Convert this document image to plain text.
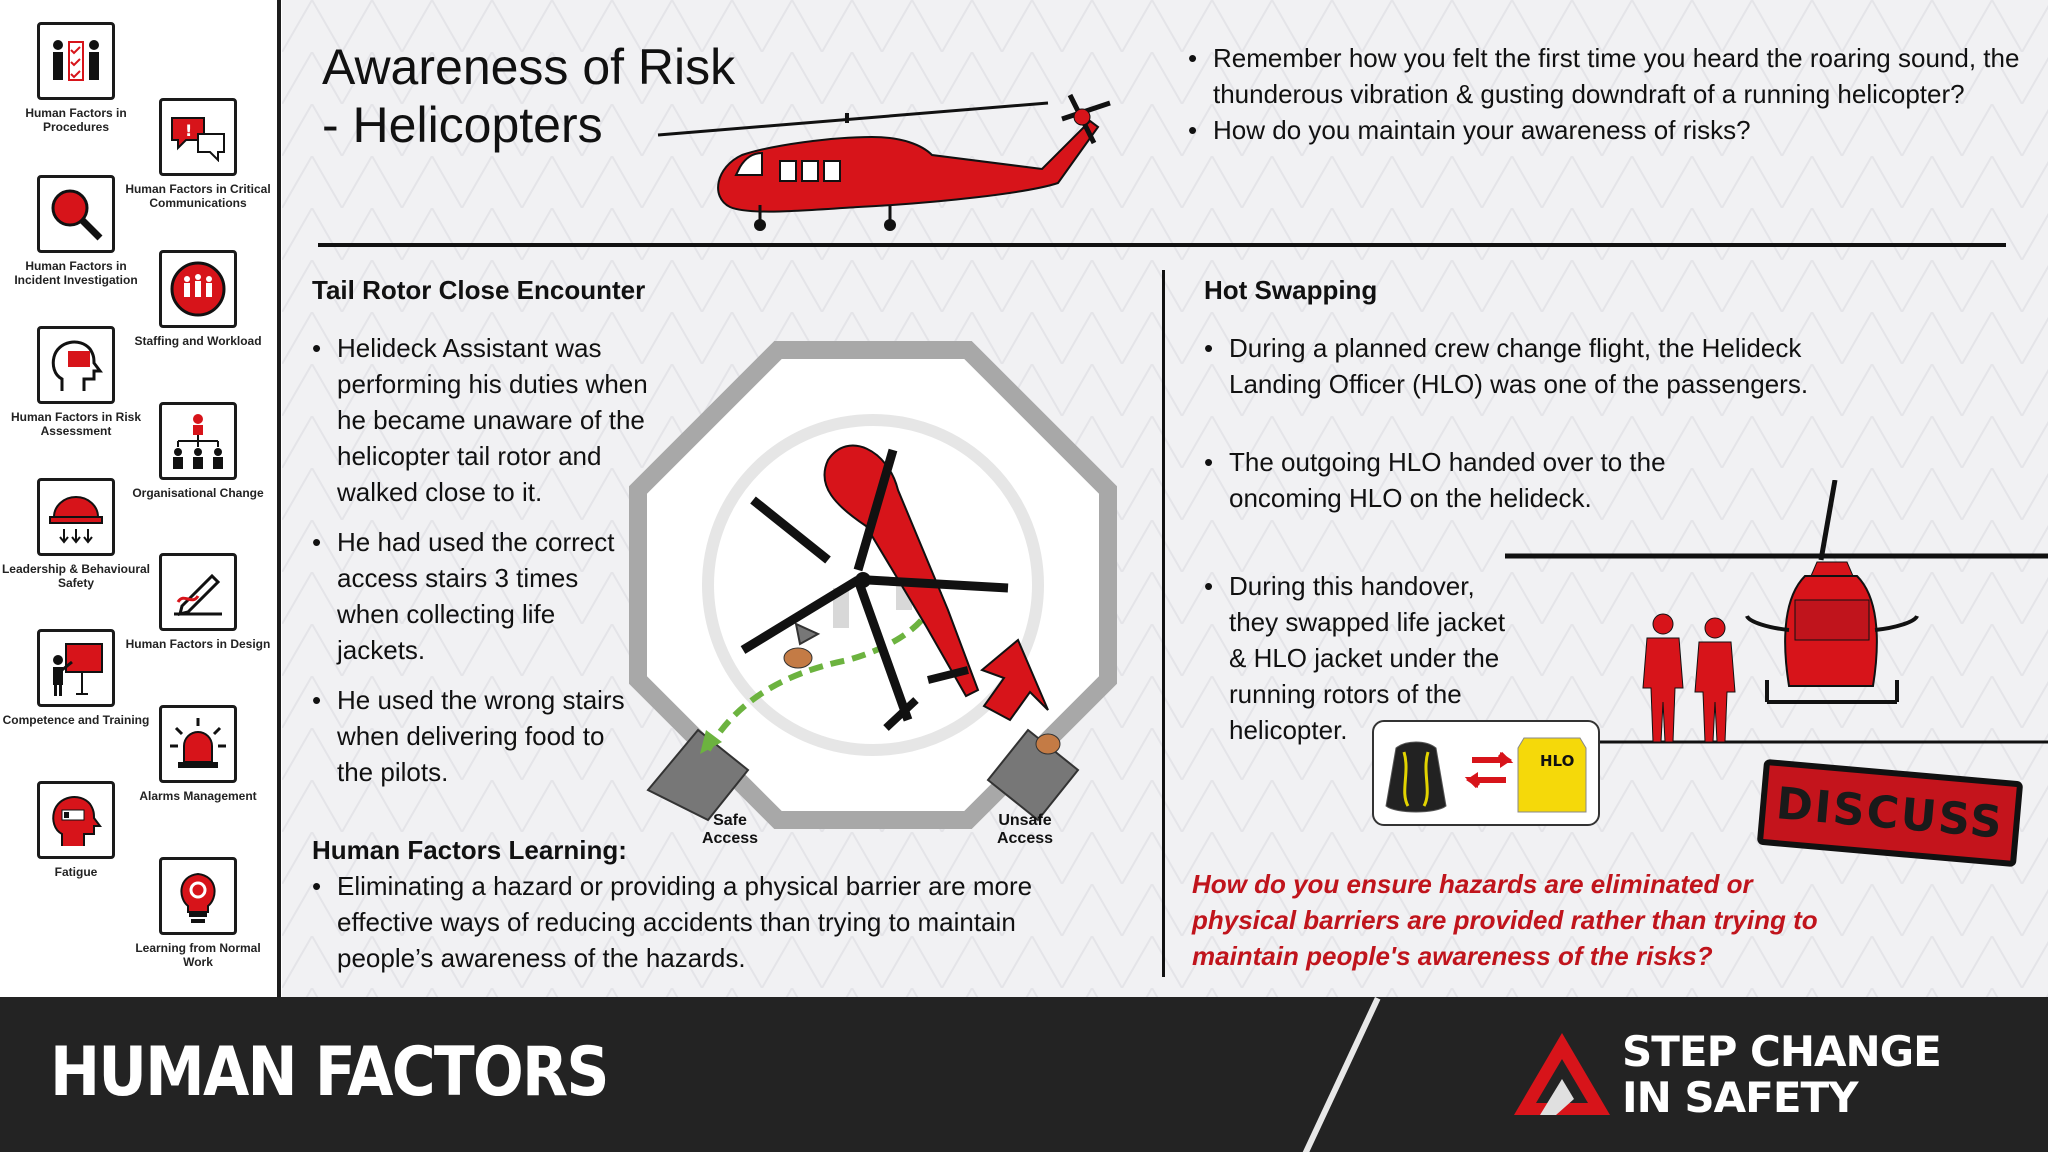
Human Factors in Procedures	!
Human Factors in Critical Communications
Human Factors in Incident Investigation
Staffing and Workload
Human Factors in Risk Assessment
Organisational Change
Leadership & Behavioural Safety
Human Factors in Design
Competence and Training
Alarms Management
Fatigue
Learning from Normal Work
Awareness of Risk
- Helicopters
• Remember how you felt the first time you heard the roaring sound, the thunderous vibration & gusting downdraft of a running helicopter?
• How do you maintain your awareness of risks?
Tail Rotor Close Encounter
• Helideck Assistant was performing his duties when he became unaware of the helicopter tail rotor and walked close to it.
• He had used the correct access stairs 3 times when collecting life jackets.
• He used the wrong stairs when delivering food to the pilots.
Safe Access
Unsafe Access
Human Factors Learning:
• Eliminating a hazard or providing a physical barrier are more effective ways of reducing accidents than trying to maintain people’s awareness of the hazards.
Hot Swapping
• During a planned crew change flight, the Helideck Landing Officer (HLO) was one of the passengers.
• The outgoing HLO handed over to the oncoming HLO on the helideck.
• During this handover, they swapped life jacket & HLO jacket under the running rotors of the helicopter.
HLO
DISCUSS
How do you ensure hazards are eliminated or physical barriers are provided rather than trying to maintain people's awareness of the risks?
HUMAN FACTORS	STEP CHANGE
IN SAFETY
